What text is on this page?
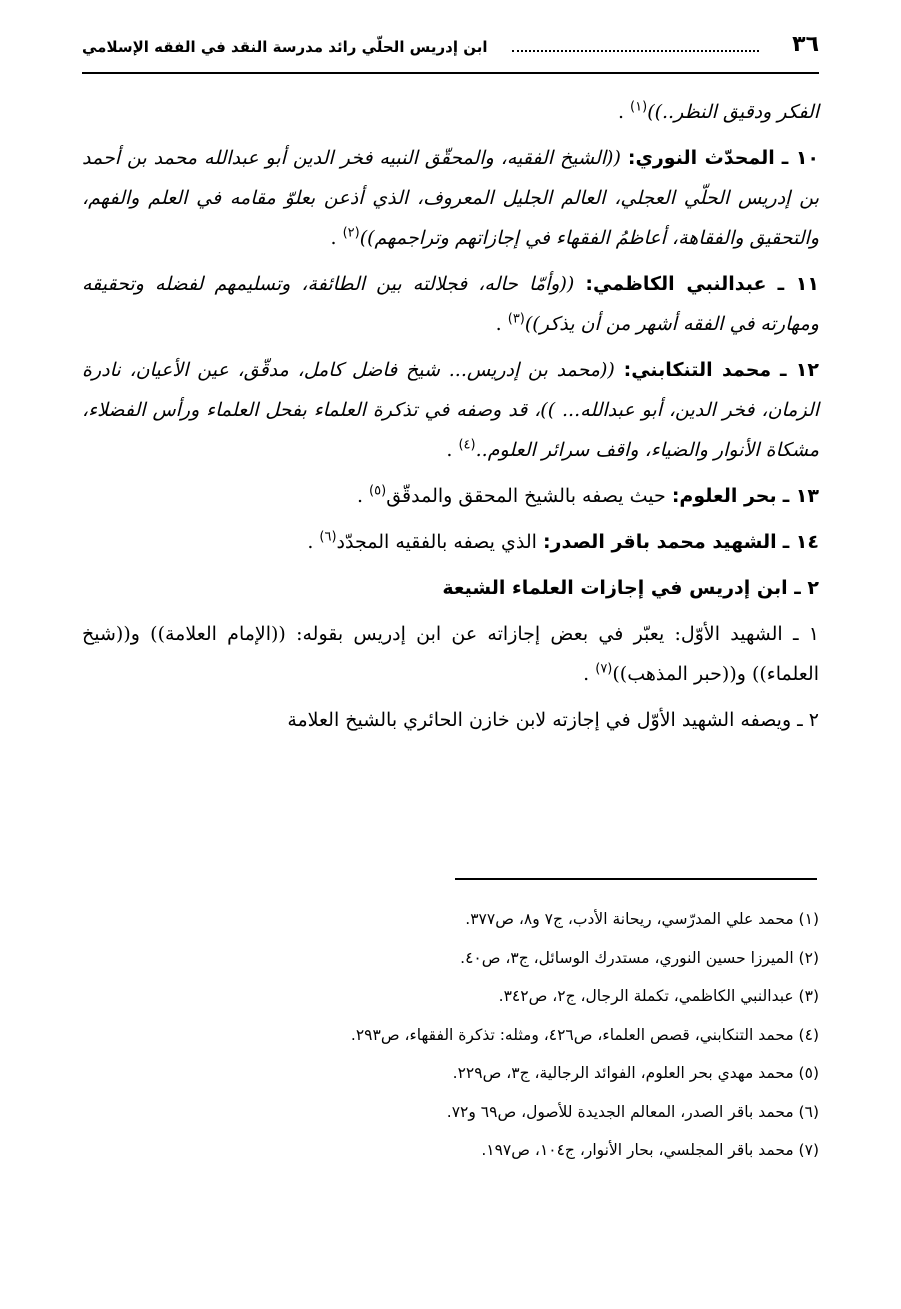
٣٦
ابن إدريس الحلّي رائد مدرسة النقد في الفقه الإسلامي

الفكر ودقيق النظر..))$^{(١)}$ .

١٠ ـ المحدّث النوري: ((الشيخ الفقيه، والمحقّق النبيه فخر الدين أبو عبدالله محمد بن أحمد بن إدريس الحلّي العجلي، العالم الجليل المعروف، الذي أذعن بعلوّ مقامه في العلم والفهم، والتحقيق والفقاهة، أعاظمُ الفقهاء في إجازاتهم وتراجمهم))$^{(٢)}$ .

١١ ـ عبدالنبي الكاظمي: ((وأمّا حاله، فجلالته بين الطائفة، وتسليمهم لفضله وتحقيقه ومهارته في الفقه أشهر من أن يذكر))$^{(٣)}$ .

١٢ ـ محمد التنكابني: ((محمد بن إدريس... شيخ فاضل كامل، مدقّق، عين الأعيان، نادرة الزمان، فخر الدين، أبو عبدالله... ))، قد وصفه في تذكرة العلماء بفحل العلماء ورأس الفضلاء، مشكاة الأنوار والضياء، واقف سرائر العلوم..$^{(٤)}$ .

١٣ ـ بحر العلوم: حيث يصفه بالشيخ المحقق والمدقّق$^{(٥)}$ .

١٤ ـ الشهيد محمد باقر الصدر: الذي يصفه بالفقيه المجدّد$^{(٦)}$ .

٢ ـ ابن إدريس في إجازات العلماء الشيعة

١ ـ الشهيد الأوّل: يعبّر في بعض إجازاته عن ابن إدريس بقوله: ((الإمام العلامة)) و((شيخ العلماء)) و((حبر المذهب))$^{(٧)}$ .

٢ ـ ويصفه الشهيد الأوّل في إجازته لابن خازن الحائري بالشيخ العلامة

(١) محمد علي المدرّسي، ريحانة الأدب، ج٧ و٨، ص٣٧٧.
(٢) الميرزا حسين النوري، مستدرك الوسائل، ج٣، ص٤٠.
(٣) عبدالنبي الكاظمي، تكملة الرجال، ج٢، ص٣٤٢.
(٤) محمد التنكابني، قصص العلماء، ص٤٢٦، ومثله: تذكرة الفقهاء، ص٢٩٣.
(٥) محمد مهدي بحر العلوم، الفوائد الرجالية، ج٣، ص٢٢٩.
(٦) محمد باقر الصدر، المعالم الجديدة للأصول، ص٦٩ و٧٢.
(٧) محمد باقر المجلسي، بحار الأنوار، ج١٠٤، ص١٩٧.
